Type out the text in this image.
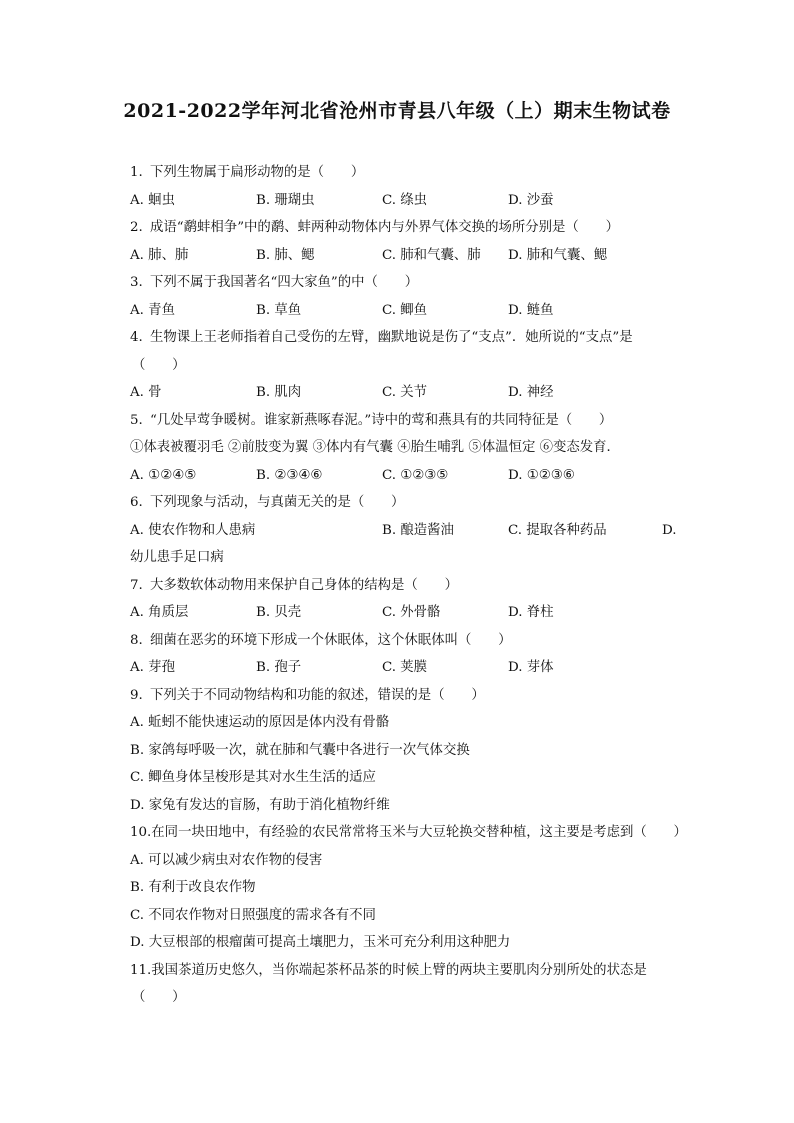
2021-2022学年河北省沧州市青县八年级（上）期末生物试卷
1. 下列生物属于扁形动物的是（　　）
A. 蛔虫	B. 珊瑚虫	C. 绦虫	D. 沙蚕
2. 成语“鹬蚌相争”中的鹬、蚌两种动物体内与外界气体交换的场所分别是（　　）
A. 肺、肺	B. 肺、鳃	C. 肺和气囊、肺 D. 肺和气囊、鳃
3. 下列不属于我国著名“四大家鱼”的中（　　）
A. 青鱼	B. 草鱼	C. 鲫鱼	D. 鲢鱼
4. 生物课上王老师指着自己受伤的左臂，幽默地说是伤了“支点”．她所说的“支点”是
（　　）
A. 骨	B. 肌肉	C. 关节	D. 神经
5. “几处早莺争暖树。谁家新燕啄春泥。”诗中的莺和燕具有的共同特征是（　　）
①体表被覆羽毛 ②前肢变为翼 ③体内有气囊 ④胎生哺乳 ⑤体温恒定 ⑥变态发育．
A. ①②④⑤	B. ②③④⑥	C. ①②③⑤	D. ①②③⑥
6. 下列现象与活动，与真菌无关的是（　　）
A. 使农作物和人患病	B. 酿造酱油	C. 提取各种药品	D.
幼儿患手足口病
7. 大多数软体动物用来保护自己身体的结构是（　　）
A. 角质层	B. 贝壳	C. 外骨骼	D. 脊柱
8. 细菌在恶劣的环境下形成一个休眠体，这个休眠体叫（　　）
A. 芽孢	B. 孢子	C. 荚膜	D. 芽体
9. 下列关于不同动物结构和功能的叙述，错误的是（　　）
A. 蚯蚓不能快速运动的原因是体内没有骨骼
B. 家鸽每呼吸一次，就在肺和气囊中各进行一次气体交换
C. 鲫鱼身体呈梭形是其对水生生活的适应
D. 家兔有发达的盲肠，有助于消化植物纤维
10.在同一块田地中，有经验的农民常常将玉米与大豆轮换交替种植，这主要是考虑到（　　）
A. 可以减少病虫对农作物的侵害
B. 有利于改良农作物
C. 不同农作物对日照强度的需求各有不同
D. 大豆根部的根瘤菌可提高土壤肥力，玉米可充分利用这种肥力
11.我国茶道历史悠久，当你端起茶杯品茶的时候上臂的两块主要肌肉分别所处的状态是
（　　）
